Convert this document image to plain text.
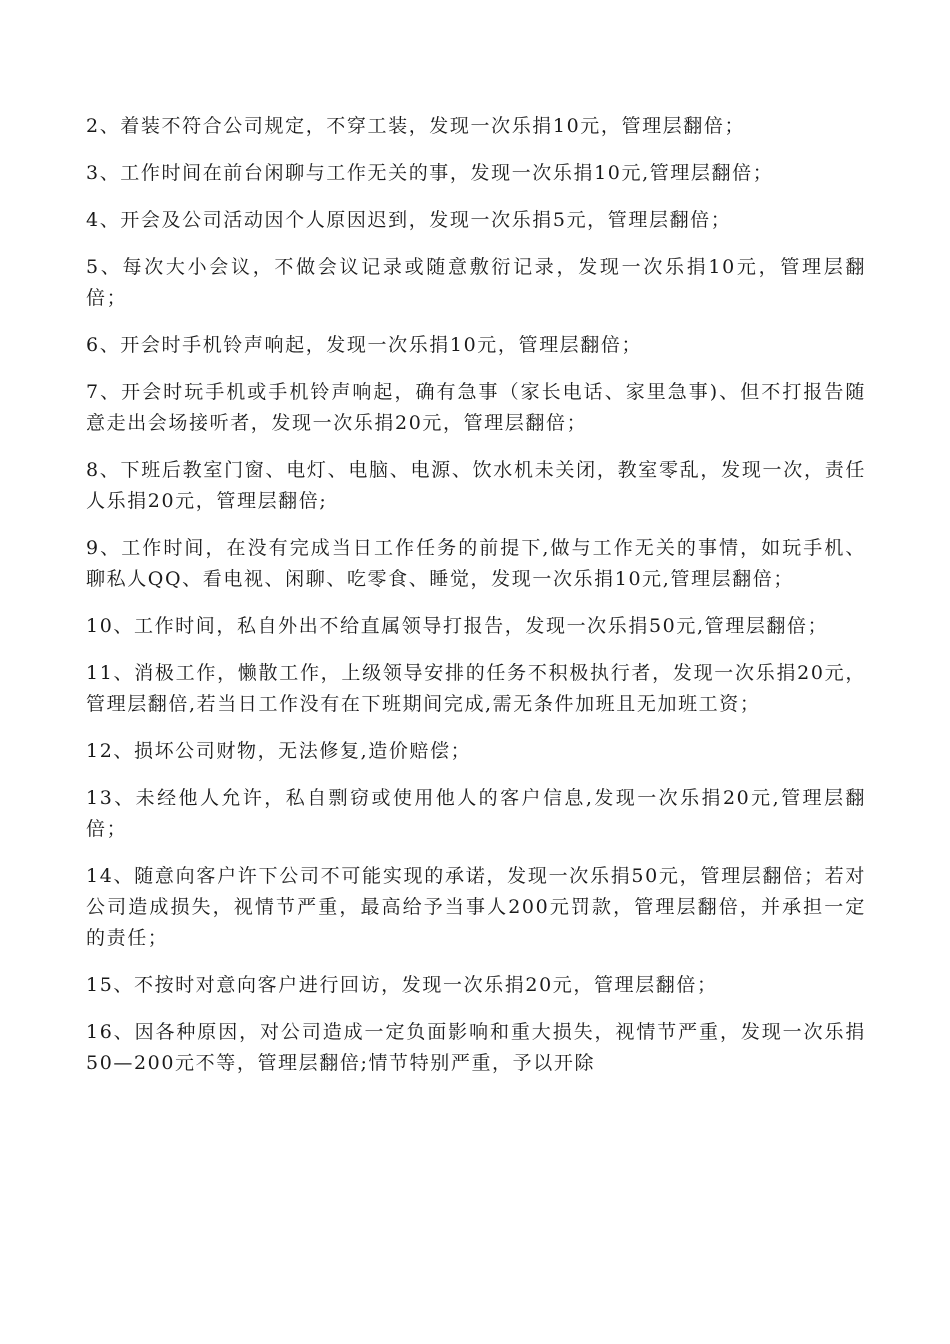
2、着装不符合公司规定，不穿工装，发现一次乐捐10元，管理层翻倍；
3、工作时间在前台闲聊与工作无关的事，发现一次乐捐10元,管理层翻倍；
4、开会及公司活动因个人原因迟到，发现一次乐捐5元，管理层翻倍；
5、每次大小会议，不做会议记录或随意敷衍记录，发现一次乐捐10元，管理层翻倍；
6、开会时手机铃声响起，发现一次乐捐10元，管理层翻倍；
7、开会时玩手机或手机铃声响起，确有急事（家长电话、家里急事)、但不打报告随意走出会场接听者，发现一次乐捐20元，管理层翻倍；
8、下班后教室门窗、电灯、电脑、电源、饮水机未关闭，教室零乱，发现一次，责任人乐捐20元，管理层翻倍;
9、工作时间，在没有完成当日工作任务的前提下,做与工作无关的事情，如玩手机、聊私人QQ、看电视、闲聊、吃零食、睡觉，发现一次乐捐10元,管理层翻倍；
10、工作时间，私自外出不给直属领导打报告，发现一次乐捐50元,管理层翻倍；
11、消极工作，懒散工作，上级领导安排的任务不积极执行者，发现一次乐捐20元，管理层翻倍,若当日工作没有在下班期间完成,需无条件加班且无加班工资；
12、损坏公司财物，无法修复,造价赔偿；
13、未经他人允许，私自剽窃或使用他人的客户信息,发现一次乐捐20元,管理层翻倍；
14、随意向客户许下公司不可能实现的承诺，发现一次乐捐50元，管理层翻倍；若对公司造成损失，视情节严重，最高给予当事人200元罚款，管理层翻倍，并承担一定的责任；
15、不按时对意向客户进行回访，发现一次乐捐20元，管理层翻倍；
16、因各种原因，对公司造成一定负面影响和重大损失，视情节严重，发现一次乐捐50—200元不等，管理层翻倍;情节特别严重，予以开除
